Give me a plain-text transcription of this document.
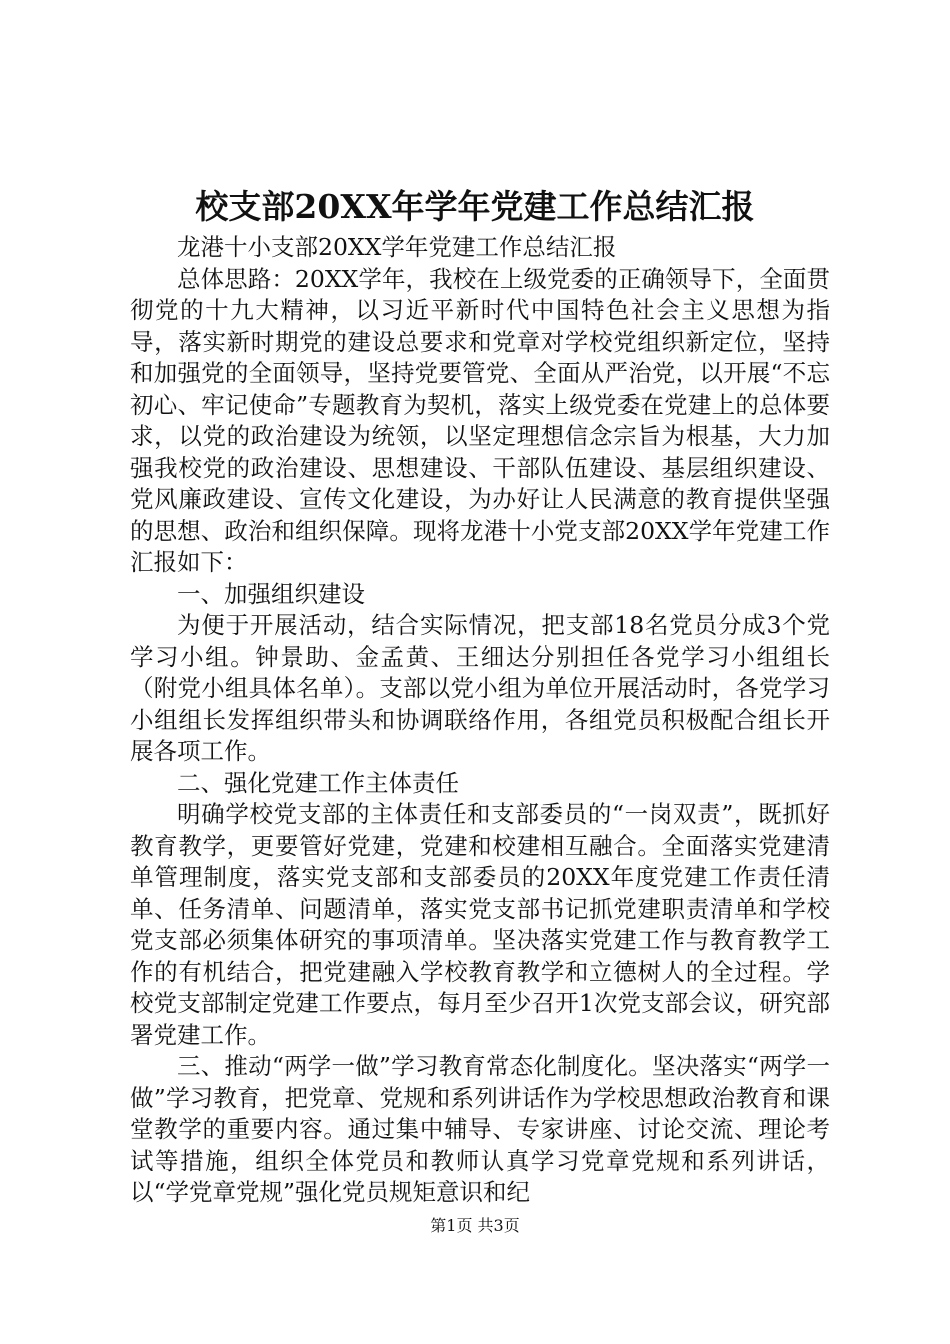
校支部20XX年学年党建工作总结汇报

龙港十小支部20XX学年党建工作总结汇报

总体思路：20XX学年，我校在上级党委的正确领导下，全面贯彻党的十九大精神，以习近平新时代中国特色社会主义思想为指导，落实新时期党的建设总要求和党章对学校党组织新定位，坚持和加强党的全面领导，坚持党要管党、全面从严治党，以开展“不忘初心、牢记使命”专题教育为契机，落实上级党委在党建上的总体要求，以党的政治建设为统领，以坚定理想信念宗旨为根基，大力加强我校党的政治建设、思想建设、干部队伍建设、基层组织建设、党风廉政建设、宣传文化建设，为办好让人民满意的教育提供坚强的思想、政治和组织保障。现将龙港十小党支部20XX学年党建工作汇报如下：

一、加强组织建设

为便于开展活动，结合实际情况，把支部18名党员分成3个党学习小组。钟景助、金孟黄、王细达分别担任各党学习小组组长（附党小组具体名单）。支部以党小组为单位开展活动时，各党学习小组组长发挥组织带头和协调联络作用，各组党员积极配合组长开展各项工作。

二、强化党建工作主体责任

明确学校党支部的主体责任和支部委员的“一岗双责”，既抓好教育教学，更要管好党建，党建和校建相互融合。全面落实党建清单管理制度，落实党支部和支部委员的20XX年度党建工作责任清单、任务清单、问题清单，落实党支部书记抓党建职责清单和学校党支部必须集体研究的事项清单。坚决落实党建工作与教育教学工作的有机结合，把党建融入学校教育教学和立德树人的全过程。学校党支部制定党建工作要点，每月至少召开1次党支部会议，研究部署党建工作。

三、推动“两学一做”学习教育常态化制度化。坚决落实“两学一做”学习教育，把党章、党规和系列讲话作为学校思想政治教育和课堂教学的重要内容。通过集中辅导、专家讲座、讨论交流、理论考试等措施，组织全体党员和教师认真学习党章党规和系列讲话，以“学党章党规”强化党员规矩意识和纪

第1页 共3页
